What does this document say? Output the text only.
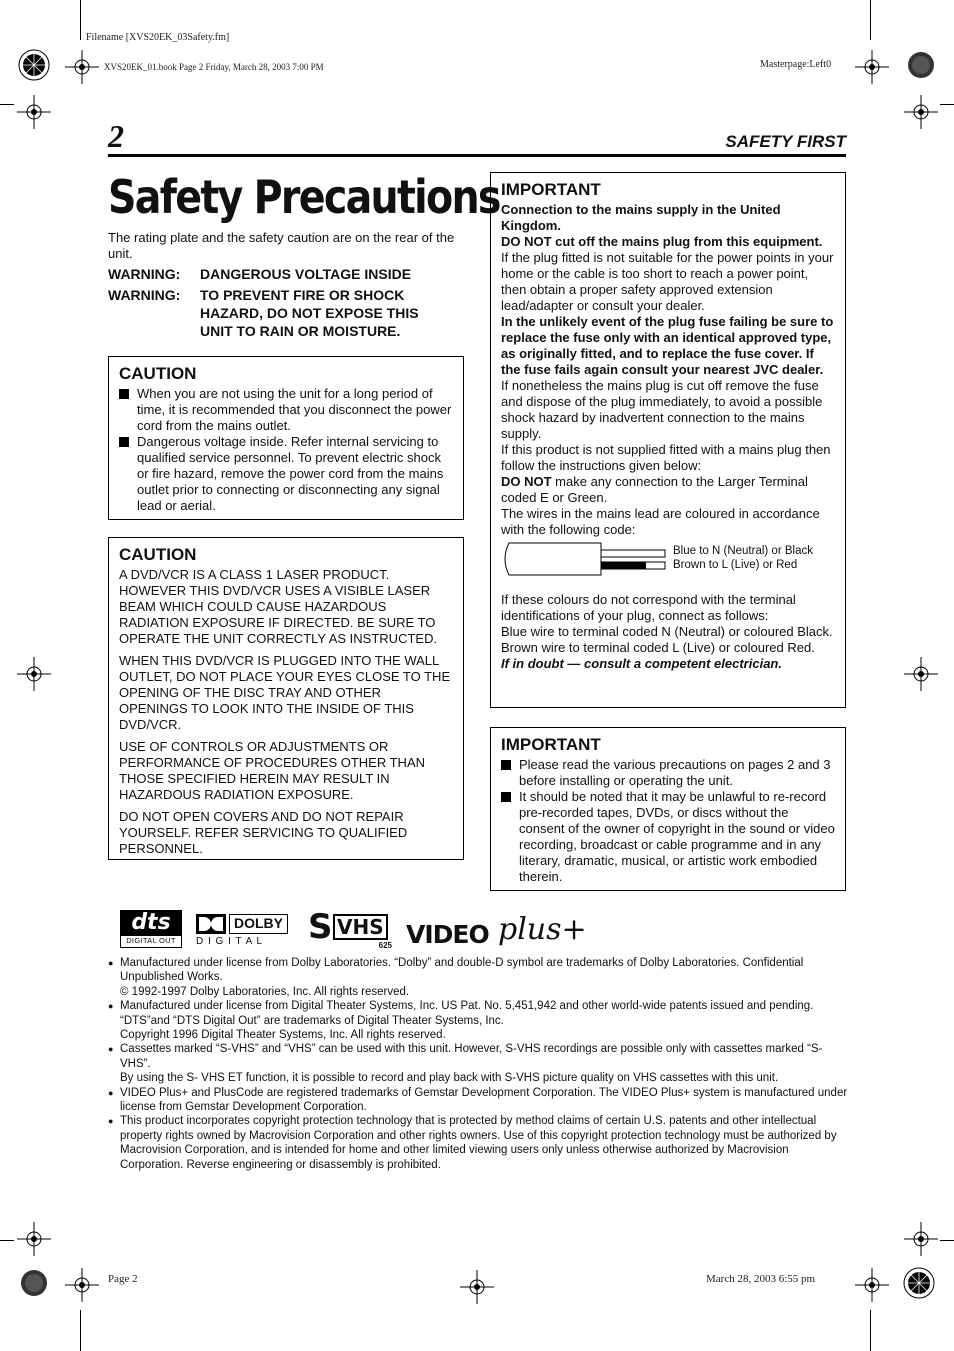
Filename [XVS20EK_03Safety.fm]
XVS20EK_01.book Page 2 Friday, March 28, 2003 7:00 PM	Masterpage:Left0
2	SAFETY FIRST
Safety Precautions
The rating plate and the safety caution are on the rear of the unit.
WARNING:	DANGEROUS VOLTAGE INSIDE
WARNING:	TO PREVENT FIRE OR SHOCK HAZARD, DO NOT EXPOSE THIS UNIT TO RAIN OR MOISTURE.
CAUTION
When you are not using the unit for a long period of time, it is recommended that you disconnect the power cord from the mains outlet.
Dangerous voltage inside. Refer internal servicing to qualified service personnel. To prevent electric shock or fire hazard, remove the power cord from the mains outlet prior to connecting or disconnecting any signal lead or aerial.
CAUTION

A DVD/VCR IS A CLASS 1 LASER PRODUCT. HOWEVER THIS DVD/VCR USES A VISIBLE LASER BEAM WHICH COULD CAUSE HAZARDOUS RADIATION EXPOSURE IF DIRECTED. BE SURE TO OPERATE THE UNIT CORRECTLY AS INSTRUCTED.

WHEN THIS DVD/VCR IS PLUGGED INTO THE WALL OUTLET, DO NOT PLACE YOUR EYES CLOSE TO THE OPENING OF THE DISC TRAY AND OTHER OPENINGS TO LOOK INTO THE INSIDE OF THIS DVD/VCR.

USE OF CONTROLS OR ADJUSTMENTS OR PERFORMANCE OF PROCEDURES OTHER THAN THOSE SPECIFIED HEREIN MAY RESULT IN HAZARDOUS RADIATION EXPOSURE.

DO NOT OPEN COVERS AND DO NOT REPAIR YOURSELF. REFER SERVICING TO QUALIFIED PERSONNEL.

IMPORTANT

Connection to the mains supply in the United Kingdom.

DO NOT cut off the mains plug from this equipment.

If the plug fitted is not suitable for the power points in your home or the cable is too short to reach a power point, then obtain a proper safety approved extension lead/adapter or consult your dealer.

In the unlikely event of the plug fuse failing be sure to replace the fuse only with an identical approved type, as originally fitted, and to replace the fuse cover. If the fuse fails again consult your nearest JVC dealer.

If nonetheless the mains plug is cut off remove the fuse and dispose of the plug immediately, to avoid a possible shock hazard by inadvertent connection to the mains supply.

If this product is not supplied fitted with a mains plug then follow the instructions given below:

DO NOT make any connection to the Larger Terminal coded E or Green.

The wires in the mains lead are coloured in accordance with the following code:

Blue to N (Neutral) or Black
Brown to L (Live) or Red

If these colours do not correspond with the terminal identifications of your plug, connect as follows:

Blue wire to terminal coded N (Neutral) or coloured Black.

Brown wire to terminal coded L (Live) or coloured Red.

If in doubt — consult a competent electrician.

IMPORTANT
Please read the various precautions on pages 2 and 3 before installing or operating the unit.
It should be noted that it may be unlawful to re-record pre-recorded tapes, DVDs, or discs without the consent of the owner of copyright in the sound or video recording, broadcast or cable programme and in any literary, dramatic, musical, or artistic work embodied therein.
dts
DIGITAL OUT
DOLBY
D I G I T A L	S VHS
625 VIDEO plus+
● Manufactured under license from Dolby Laboratories. “Dolby” and double-D symbol are trademarks of Dolby Laboratories. Confidential Unpublished Works.
© 1992-1997 Dolby Laboratories, Inc. All rights reserved.
● Manufactured under license from Digital Theater Systems, Inc. US Pat. No. 5,451,942 and other world-wide patents issued and pending. “DTS”and “DTS Digital Out” are trademarks of Digital Theater Systems, Inc.
Copyright 1996 Digital Theater Systems, Inc. All rights reserved.
● Cassettes marked “S-VHS” and “VHS” can be used with this unit. However, S-VHS recordings are possible only with cassettes marked “S-VHS”.
By using the S- VHS ET function, it is possible to record and play back with S-VHS picture quality on VHS cassettes with this unit.
● VIDEO Plus+ and PlusCode are registered trademarks of Gemstar Development Corporation. The VIDEO Plus+ system is manufactured under license from Gemstar Development Corporation.
● This product incorporates copyright protection technology that is protected by method claims of certain U.S. patents and other intellectual property rights owned by Macrovision Corporation and other rights owners. Use of this copyright protection technology must be authorized by Macrovision Corporation, and is intended for home and other limited viewing users only unless otherwise authorized by Macrovision Corporation. Reverse engineering or disassembly is prohibited.
Page 2	March 28, 2003 6:55 pm
